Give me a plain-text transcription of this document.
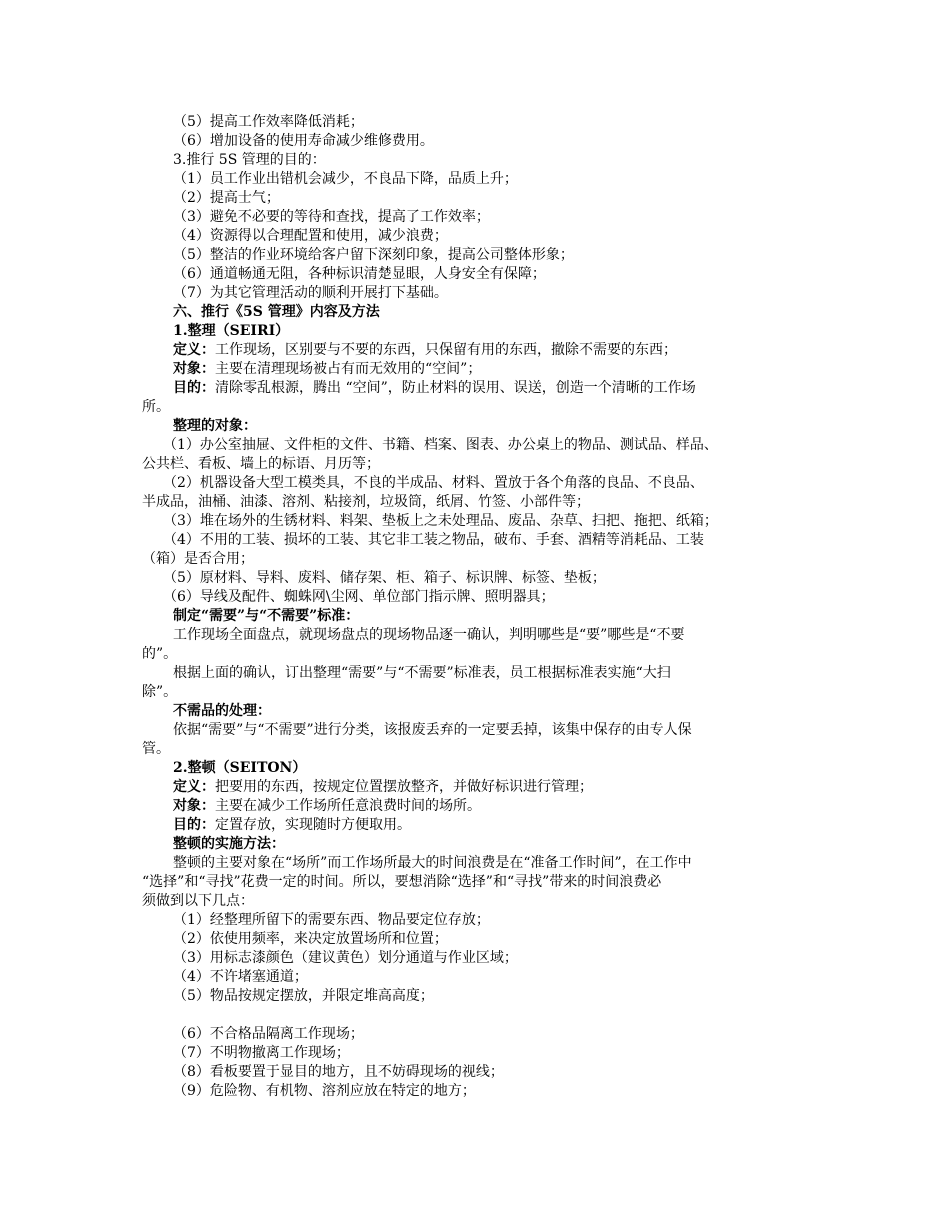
（5）提高工作效率降低消耗；
（6）增加设备的使用寿命减少维修费用。
3.推行 5S 管理的目的：
（1）员工作业出错机会减少，不良品下降，品质上升；
（2）提高士气；
（3）避免不必要的等待和查找，提高了工作效率；
（4）资源得以合理配置和使用，减少浪费；
（5）整洁的作业环境给客户留下深刻印象，提高公司整体形象；
（6）通道畅通无阻，各种标识清楚显眼，人身安全有保障；
（7）为其它管理活动的顺利开展打下基础。
六、推行《5S 管理》内容及方法
1.整理（SEIRI）
定义：工作现场，区别要与不要的东西，只保留有用的东西，撤除不需要的东西；
对象：主要在清理现场被占有而无效用的“空间”；
目的：清除零乱根源，腾出 “空间”，防止材料的误用、误送，创造一个清晰的工作场
所。
整理的对象：
　　（1）办公室抽屉、文件柜的文件、书籍、档案、图表、办公桌上的物品、测试品、样品、
公共栏、看板、墙上的标语、月历等；
　　（2）机器设备大型工模类具，不良的半成品、材料、置放于各个角落的良品、不良品、
半成品，油桶、油漆、溶剂、粘接剂，垃圾筒，纸屑、竹签、小部件等；
　　（3）堆在场外的生锈材料、料架、垫板上之未处理品、废品、杂草、扫把、拖把、纸箱；
　　（4）不用的工装、损坏的工装、其它非工装之物品，破布、手套、酒精等消耗品、工装
（箱）是否合用；
　　（5）原材料、导料、废料、储存架、柜、箱子、标识牌、标签、垫板；
　　（6）导线及配件、蜘蛛网\尘网、单位部门指示牌、照明器具；
制定“需要”与“不需要”标准：
工作现场全面盘点，就现场盘点的现场物品逐一确认，判明哪些是“要”哪些是“不要
的”。
根据上面的确认，订出整理“需要”与“不需要”标准表，员工根据标准表实施“大扫
除”。
不需品的处理：
依据“需要”与“不需要”进行分类，该报废丢弃的一定要丢掉，该集中保存的由专人保
管。
2.整顿（SEITON）
定义：把要用的东西，按规定位置摆放整齐，并做好标识进行管理；
对象：主要在减少工作场所任意浪费时间的场所。
目的：定置存放，实现随时方便取用。
整顿的实施方法：
整顿的主要对象在“场所”而工作场所最大的时间浪费是在“准备工作时间”，在工作中
“选择”和“寻找”花费一定的时间。所以，要想消除“选择”和“寻找”带来的时间浪费必
须做到以下几点：
（1）经整理所留下的需要东西、物品要定位存放；
（2）依使用频率，来决定放置场所和位置；
（3）用标志漆颜色（建议黄色）划分通道与作业区域；
（4）不许堵塞通道；
（5）物品按规定摆放，并限定堆高高度；
（6）不合格品隔离工作现场；
（7）不明物撤离工作现场；
（8）看板要置于显目的地方，且不妨碍现场的视线；
（9）危险物、有机物、溶剂应放在特定的地方；
